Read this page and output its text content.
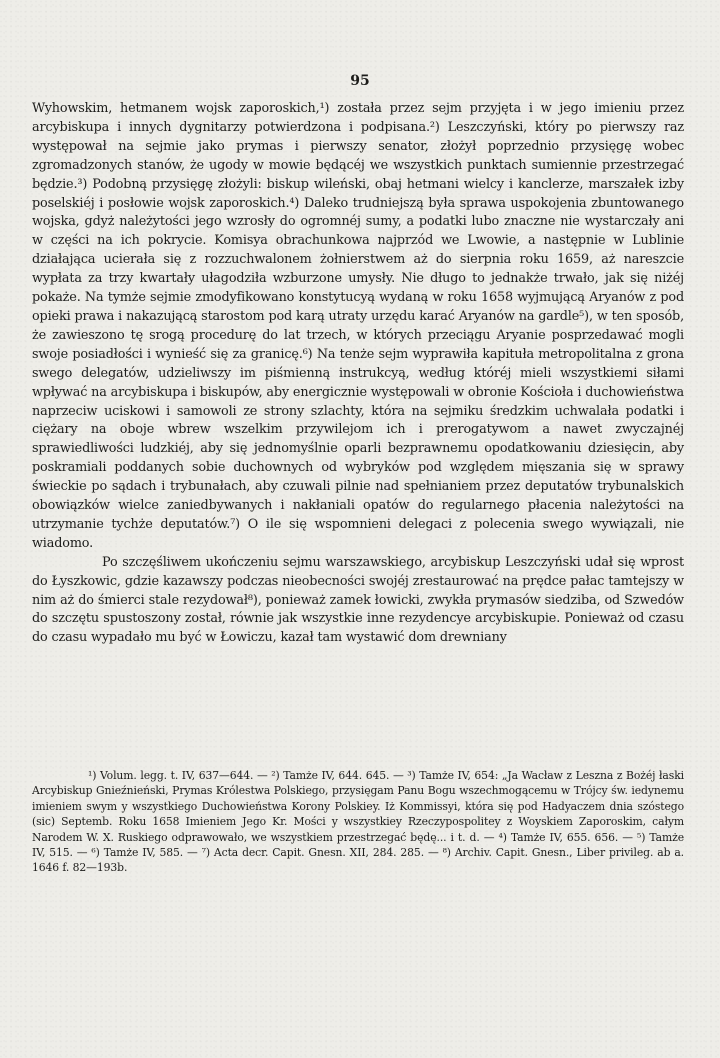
95

Wyhowskim, hetmanem wojsk zaporoskich,¹) została przez sejm przyjęta i w jego imieniu przez arcybiskupa i innych dygnitarzy potwierdzona i podpisana.²) Leszczyński, który po pierwszy raz występował na sejmie jako prymas i pierwszy senator, złożył poprzednio przysięgę wobec zgromadzonych stanów, że ugody w mowie będącéj we wszystkich punktach sumiennie przestrzegać będzie.³) Podobną przysięgę złożyli: biskup wileński, obaj hetmani wielcy i kanclerze, marszałek izby poselskiéj i posłowie wojsk zaporoskich.⁴) Daleko trudniejszą była sprawa uspokojenia zbuntowanego wojska, gdyż należytości jego wzrosły do ogromnéj sumy, a podatki lubo znaczne nie wystarczały ani w części na ich pokrycie. Komisya obrachunkowa najprzód we Lwowie, a następnie w Lublinie działająca ucierała się z rozzuchwalonem żołnierstwem aż do sierpnia roku 1659, aż nareszcie wypłata za trzy kwartały ułagodziła wzburzone umysły. Nie długo to jednakże trwało, jak się niżéj pokaże. Na tymże sejmie zmodyfikowano konstytucyą wydaną w roku 1658 wyjmującą Aryanów z pod opieki prawa i nakazującą starostom pod karą utraty urzędu karać Aryanów na gardle⁵), w ten sposób, że zawieszono tę srogą procedurę do lat trzech, w których przeciągu Aryanie posprzedawać mogli swoje posiadłości i wynieść się za granicę.⁶) Na tenże sejm wyprawiła kapituła metropolitalna z grona swego delegatów, udzieliwszy im piśmienną instrukcyą, według któréj mieli wszystkiemi siłami wpływać na arcybiskupa i biskupów, aby energicznie występowali w obronie Kościoła i duchowieństwa naprzeciw uciskowi i samowoli ze strony szlachty, która na sejmiku średzkim uchwalała podatki i ciężary na oboje wbrew wszelkim przywilejom ich i prerogatywom a nawet zwyczajnéj sprawiedliwości ludzkiéj, aby się jednomyślnie oparli bezprawnemu opodatkowaniu dziesięcin, aby poskramiali poddanych sobie duchownych od wybryków pod względem mięszania się w sprawy świeckie po sądach i trybunałach, aby czuwali pilnie nad spełnianiem przez deputatów trybunalskich obowiązków wielce zaniedbywanych i nakłaniali opatów do regularnego płacenia należytości na utrzymanie tychże deputatów.⁷) O ile się wspomnieni delegaci z polecenia swego wywiązali, nie wiadomo.

Po szczęśliwem ukończeniu sejmu warszawskiego, arcybiskup Leszczyński udał się wprost do Łyszkowic, gdzie kazawszy podczas nieobecności swojéj zrestaurować na prędce pałac tamtejszy w nim aż do śmierci stale rezydował⁸), ponieważ zamek łowicki, zwykła prymasów siedziba, od Szwedów do szczętu spustoszony został, równie jak wszystkie inne rezydencye arcybiskupie. Ponieważ od czasu do czasu wypadało mu być w Łowiczu, kazał tam wystawić dom drewniany

¹) Volum. legg. t. IV, 637—644. — ²) Tamże IV, 644. 645. — ³) Tamże IV, 654: „Ja Wacław z Leszna z Bożéj łaski Arcybiskup Gnieźnieński, Prymas Królestwa Polskiego, przysięgam Panu Bogu wszechmogącemu w Trójcy św. iedynemu imieniem swym y wszystkiego Duchowieństwa Korony Polskiey. Iż Kommissyi, która się pod Hadyaczem dnia szóstego (sic) Septemb. Roku 1658 Imieniem Jego Kr. Mości y wszystkiey Rzeczypospolitey z Woyskiem Zaporoskim, całym Narodem W. X. Ruskiego odprawowało, we wszystkiem przestrzegać będę... i t. d. — ⁴) Tamże IV, 655. 656. — ⁵) Tamże IV, 515. — ⁶) Tamże IV, 585. — ⁷) Acta decr. Capit. Gnesn. XII, 284. 285. — ⁸) Archiv. Capit. Gnesn., Liber privileg. ab a. 1646 f. 82—193b.
